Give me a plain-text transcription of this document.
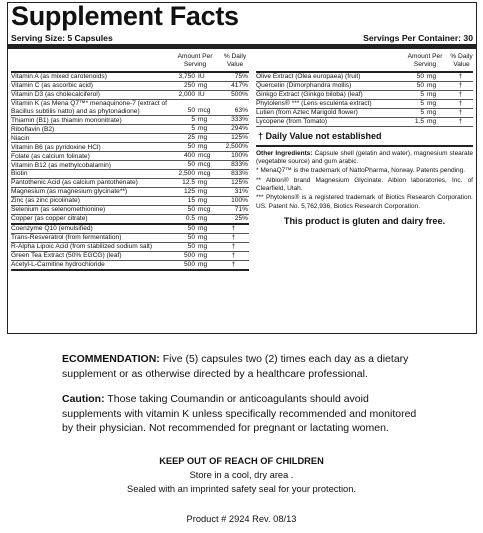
Supplement Facts
Serving Size: 5 Capsules	Servings Per Container: 30
Amount Per Serving
% Daily Value
Vitamin A (as mixed carotenoids)	3,750 IU	75%
Vitamin C (as ascorbic acid)	250 mg	417%
Vitamin D3 (as cholecalciferol)	2,000 IU	500%
Vitamin K (as Mena Q7™* menaquinone-7 (extract of Bacillus subtilis natto) and as phytonadione)	50 mcg	63%
Thiamin (B1) (as thiamin mononitrate)	5 mg	333%
Riboflavin (B2)	5 mg	294%
Niacin	25 mg	125%
Vitamin B6 (as pyridoxine HCl)	50 mg	2,500%
Folate (as calcium folinate)	400 mcg	100%
Vitamin B12 (as methylcobalamin)	50 mcg	833%
Biotin	2,500 mcg	833%
Pantothenic Acid (as calcium pantothenate)	12.5 mg	125%
Magnesium (as magnesium glycinate**)	125 mg	31%
Zinc (as zinc picolinate)	15 mg	100%
Selenium (as selenomethionine)	50 mcg	71%
Copper (as copper citrate)	0.5 mg	25%
Coenzyme Q10 (emulsified)	50 mg	†
Trans-Resveratrol (from fermentation)	50 mg	†
R-Alpha Lipoic Acid (from stabilized sodium salt)	50 mg	†
Green Tea Extract (50% EGCG) (leaf)	500 mg	†
Acetyl-L-Carnitine hydrochloride	500 mg	†
Amount Per Serving
% Daily Value
Olive Extract (Olea europaea) (fruit)	50 mg	†
Quercetin (Dimorphandra mollis)	50 mg	†
Ginkgo Extract (Ginkgo biloba) (leaf)	5 mg	†
Phytolens® *** (Lens esculenta extract)	5 mg	†
Lutien (from Aztec Marigold flower)	5 mg	†
Lycopene (from Tomato)	1.5 mg	†
† Daily Value not established

Other Ingredients: Capsule shell (gelatin and water), magnesium stearate (vegetable source) and gum arabic.

* MenaQ7™ is the trademark of NattoPharma, Norway. Patents pending.

** Albion® brand Magnesium Glycinate. Albion laboratories, Inc. of Clearfield, Utah.

*** Phytolens® is a registered trademark of Biotics Research Corporation. US. Patent No. 5,762,936, Biotics Research Corporation.

This product is gluten and dairy free.
ECOMMENDATION: Five (5) capsules two (2) times each day as a dietary supplement or as otherwise directed by a healthcare professional.
Caution: Those taking Coumandin or anticoagulants should avoid supplements with vitamin K unless specifically recommended and monitored by their physician. Not recommended for pregnant or lactating women.
KEEP OUT OF REACH OF CHILDREN
Store in a cool, dry area .
Sealed with an imprinted safety seal for your protection.
Product # 2924 Rev. 08/13
